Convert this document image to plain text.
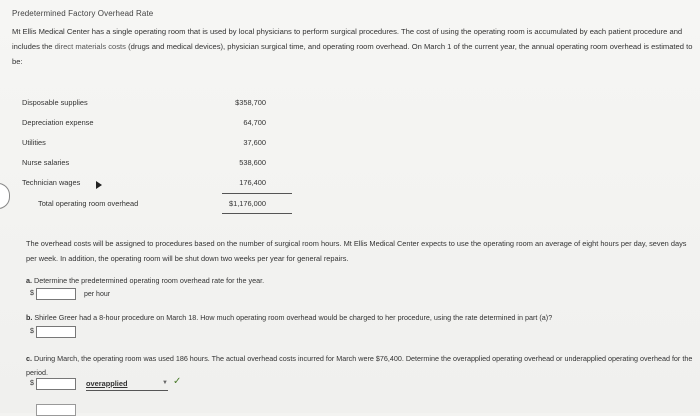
Predetermined Factory Overhead Rate
Mt Ellis Medical Center has a single operating room that is used by local physicians to perform surgical procedures. The cost of using the operating room is accumulated by each patient procedure and includes the direct materials costs (drugs and medical devices), physician surgical time, and operating room overhead. On March 1 of the current year, the annual operating room overhead is estimated to be:
Disposable supplies	$358,700
Depreciation expense	64,700
Utilities	37,600
Nurse salaries	538,600
Technician wages	176,400
Total operating room overhead	$1,176,000
The overhead costs will be assigned to procedures based on the number of surgical room hours. Mt Ellis Medical Center expects to use the operating room an average of eight hours per day, seven days per week. In addition, the operating room will be shut down two weeks per year for general repairs.
a. Determine the predetermined operating room overhead rate for the year.
$	per hour
b. Shirlee Greer had a 8-hour procedure on March 18. How much operating room overhead would be charged to her procedure, using the rate determined in part (a)?
$
c. During March, the operating room was used 186 hours. The actual overhead costs incurred for March were $76,400. Determine the overapplied operating overhead or underapplied operating overhead for the period.
$	overapplied	▼ ✓
